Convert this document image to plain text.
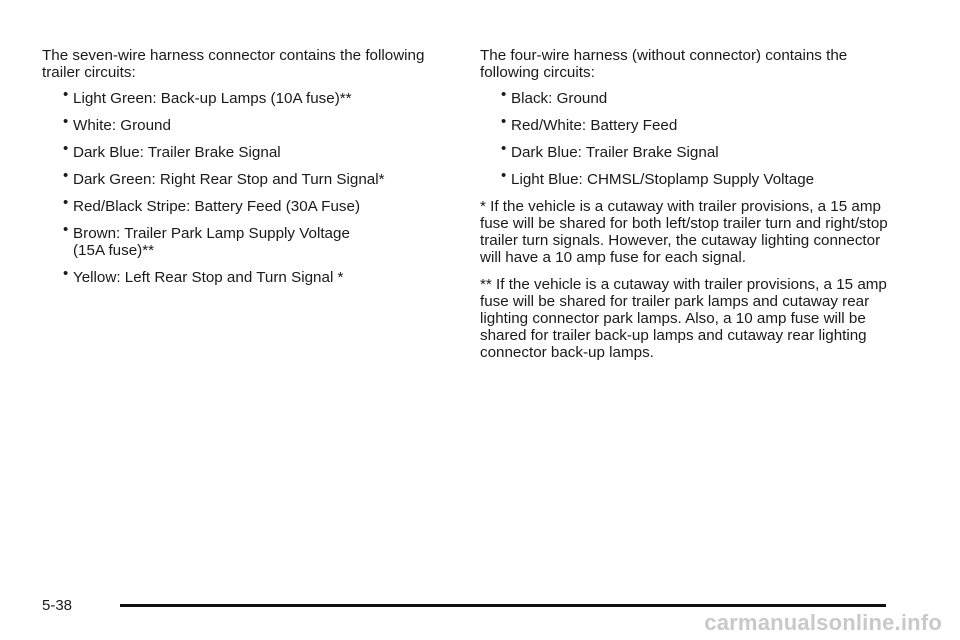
The seven-wire harness connector contains the following trailer circuits:

• Light Green: Back-up Lamps (10A fuse)**
• White: Ground
• Dark Blue: Trailer Brake Signal
• Dark Green: Right Rear Stop and Turn Signal*
• Red/Black Stripe: Battery Feed (30A Fuse)
• Brown: Trailer Park Lamp Supply Voltage (15A fuse)**
• Yellow: Left Rear Stop and Turn Signal *

The four-wire harness (without connector) contains the following circuits:

• Black: Ground
• Red/White: Battery Feed
• Dark Blue: Trailer Brake Signal
• Light Blue: CHMSL/Stoplamp Supply Voltage

* If the vehicle is a cutaway with trailer provisions, a 15 amp fuse will be shared for both left/stop trailer turn and right/stop trailer turn signals. However, the cutaway lighting connector will have a 10 amp fuse for each signal.

** If the vehicle is a cutaway with trailer provisions, a 15 amp fuse will be shared for trailer park lamps and cutaway rear lighting connector park lamps. Also, a 10 amp fuse will be shared for trailer back-up lamps and cutaway rear lighting connector back-up lamps.

5-38
carmanualsonline.info
